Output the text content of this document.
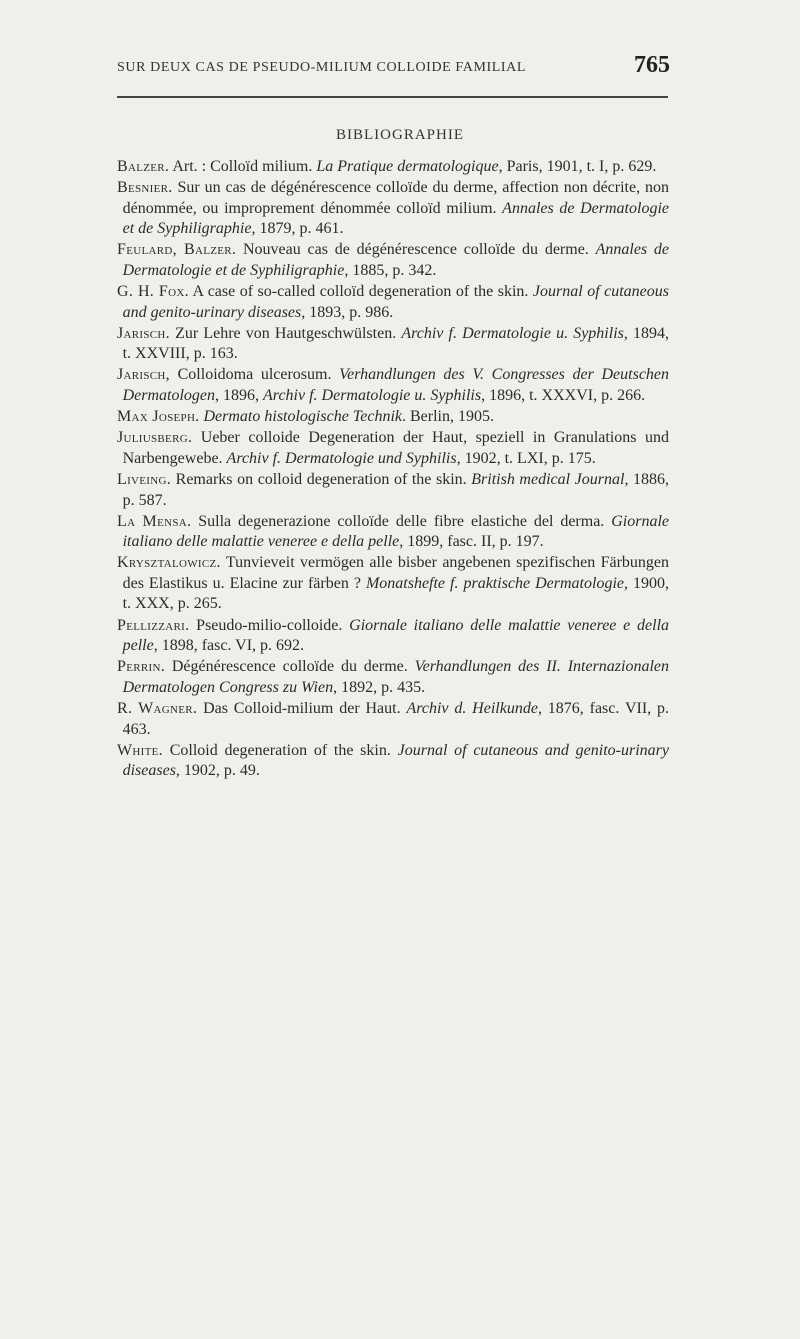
SUR DEUX CAS DE PSEUDO-MILIUM COLLOIDE FAMILIAL	765
BIBLIOGRAPHIE

Balzer. Art. : Colloïd milium. La Pratique dermatologique, Paris, 1901, t. I, p. 629.

Besnier. Sur un cas de dégénérescence colloïde du derme, affection non décrite, non dénommée, ou improprement dénommée colloïd milium. Annales de Dermatologie et de Syphiligraphie, 1879, p. 461.

Feulard, Balzer. Nouveau cas de dégénérescence colloïde du derme. Annales de Dermatologie et de Syphiligraphie, 1885, p. 342.

G. H. Fox. A case of so-called colloïd degeneration of the skin. Journal of cutaneous and genito-urinary diseases, 1893, p. 986.

Jarisch. Zur Lehre von Hautgeschwülsten. Archiv f. Dermatologie u. Syphilis, 1894, t. XXVIII, p. 163.

Jarisch, Colloidoma ulcerosum. Verhandlungen des V. Congresses der Deutschen Dermatologen, 1896, Archiv f. Dermatologie u. Syphilis, 1896, t. XXXVI, p. 266.

Max Joseph. Dermato histologische Technik. Berlin, 1905.

Juliusberg. Ueber colloide Degeneration der Haut, speziell in Granulations und Narbengewebe. Archiv f. Dermatologie und Syphilis, 1902, t. LXI, p. 175.

Liveing. Remarks on colloid degeneration of the skin. British medical Journal, 1886, p. 587.

La Mensa. Sulla degenerazione colloïde delle fibre elastiche del derma. Giornale italiano delle malattie veneree e della pelle, 1899, fasc. II, p. 197.

Krysztalowicz. Tunvieveit vermögen alle bisber angebenen spezifischen Färbungen des Elastikus u. Elacine zur färben ? Monatshefte f. praktische Dermatologie, 1900, t. XXX, p. 265.

Pellizzari. Pseudo-milio-colloide. Giornale italiano delle malattie veneree e della pelle, 1898, fasc. VI, p. 692.

Perrin. Dégénérescence colloïde du derme. Verhandlungen des II. Internazionalen Dermatologen Congress zu Wien, 1892, p. 435.

R. Wagner. Das Colloid-milium der Haut. Archiv d. Heilkunde, 1876, fasc. VII, p. 463.

White. Colloid degeneration of the skin. Journal of cutaneous and genito-urinary diseases, 1902, p. 49.
